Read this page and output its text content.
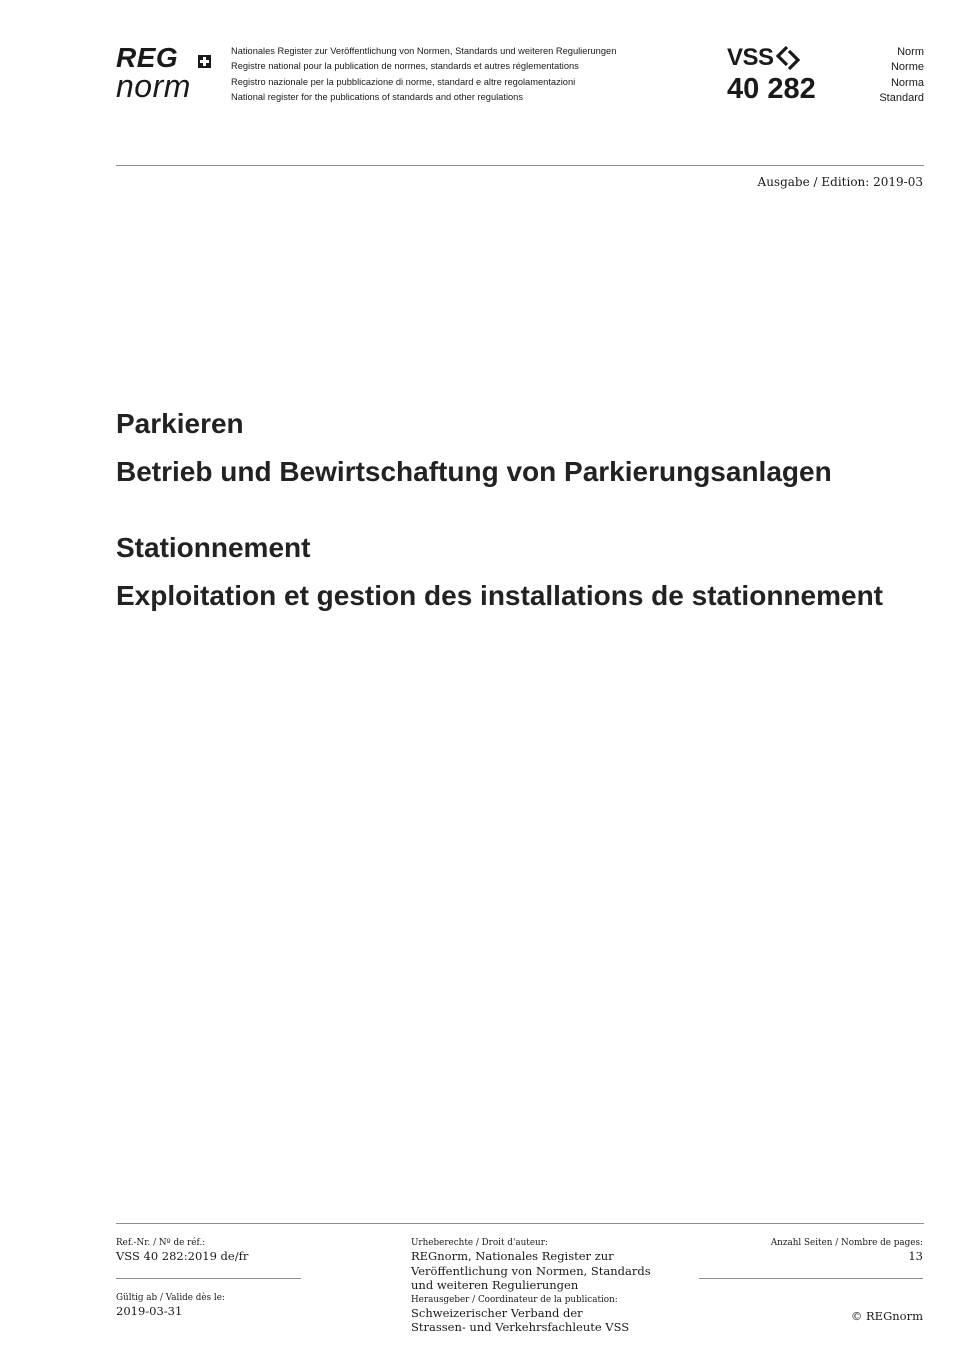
REG
norm
Nationales Register zur Veröffentlichung von Normen, Standards und weiteren Regulierungen
Registre national pour la publication de normes, standards et autres réglementations
Registro nazionale per la pubblicazione di norme, standard e altre regolamentazioni
National register for the publications of standards and other regulations
VSS
40 282
Norm
Norme
Norma
Standard
Ausgabe / Edition: 2019-03
Parkieren
Betrieb und Bewirtschaftung von Parkierungsanlagen
Stationnement
Exploitation et gestion des installations de stationnement
Ref.-Nr. / Nº de réf.:
VSS 40 282:2019 de/fr
Gültig ab / Valide dès le:
2019-03-31
Urheberechte / Droit d'auteur:
REGnorm, Nationales Register zur
Veröffentlichung von Normen, Standards
und weiteren Regulierungen
Herausgeber / Coordinateur de la publication:
Schweizerischer Verband der
Strassen- und Verkehrsfachleute VSS
Anzahl Seiten / Nombre de pages:
13
© REGnorm
